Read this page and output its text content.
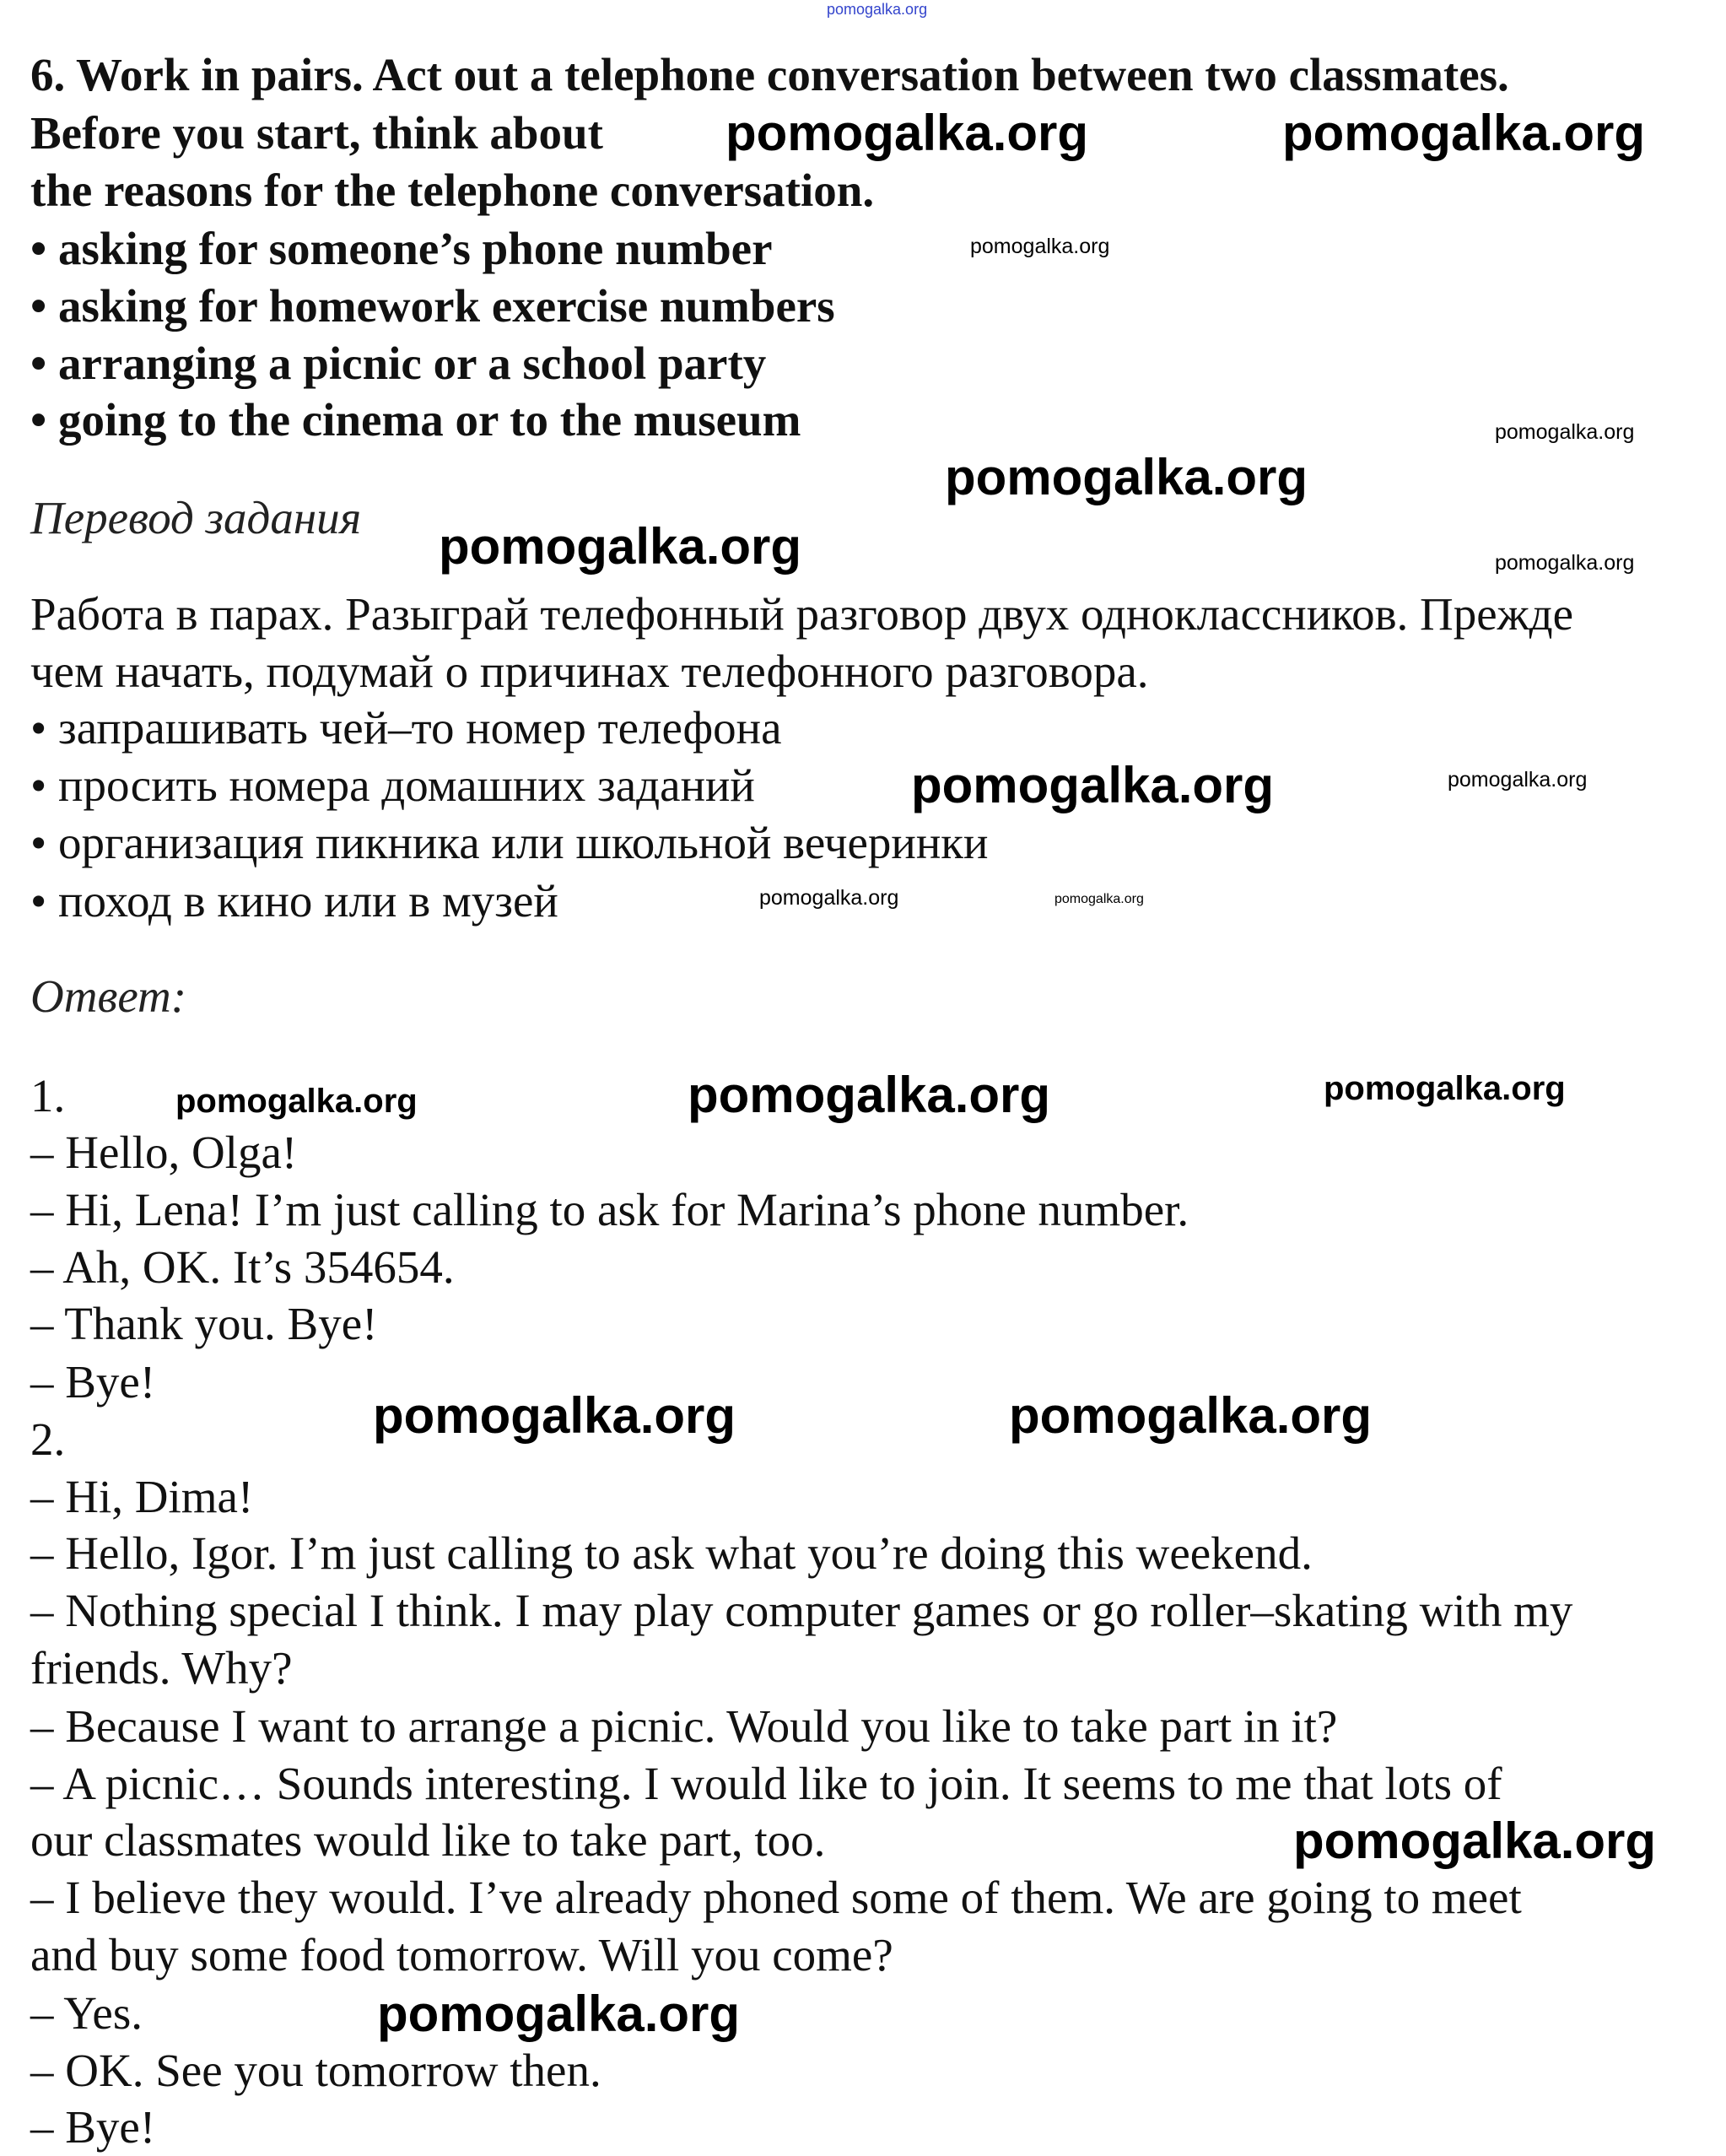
6. Work in pairs. Act out a telephone conversation between two classmates.
Before you start, think about
the reasons for the telephone conversation.
• asking for someone’s phone number
• asking for homework exercise numbers
• arranging a picnic or a school party
• going to the cinema or to the museum
Перевод задания
Работа в парах. Разыграй телефонный разговор двух одноклассников. Прежде
чем начать, подумай о причинах телефонного разговора.
• запрашивать чей–то номер телефона
• просить номера домашних заданий
• организация пикника или школьной вечеринки
• поход в кино или в музей
Ответ:
1.
– Hello, Olga!
– Hi, Lena! I’m just calling to ask for Marina’s phone number.
– Ah, OK. It’s 354654.
– Thank you. Bye!
– Bye!
2.
– Hi, Dima!
– Hello, Igor. I’m just calling to ask what you’re doing this weekend.
– Nothing special I think. I may play computer games or go roller–skating with my
friends. Why?
– Because I want to arrange a picnic. Would you like to take part in it?
– A picnic… Sounds interesting. I would like to join. It seems to me that lots of
our classmates would like to take part, too.
– I believe they would. I’ve already phoned some of them. We are going to meet
and buy some food tomorrow. Will you come?
– Yes.
– OK. See you tomorrow then.
– Bye!
pomogalka.org
pomogalka.org	pomogalka.org
pomogalka.org
pomogalka.org
pomogalka.org
pomogalka.org	pomogalka.org
pomogalka.org	pomogalka.org
pomogalka.org
pomogalka.org
pomogalka.org	pomogalka.org	pomogalka.org
pomogalka.org	pomogalka.org
pomogalka.org
pomogalka.org
